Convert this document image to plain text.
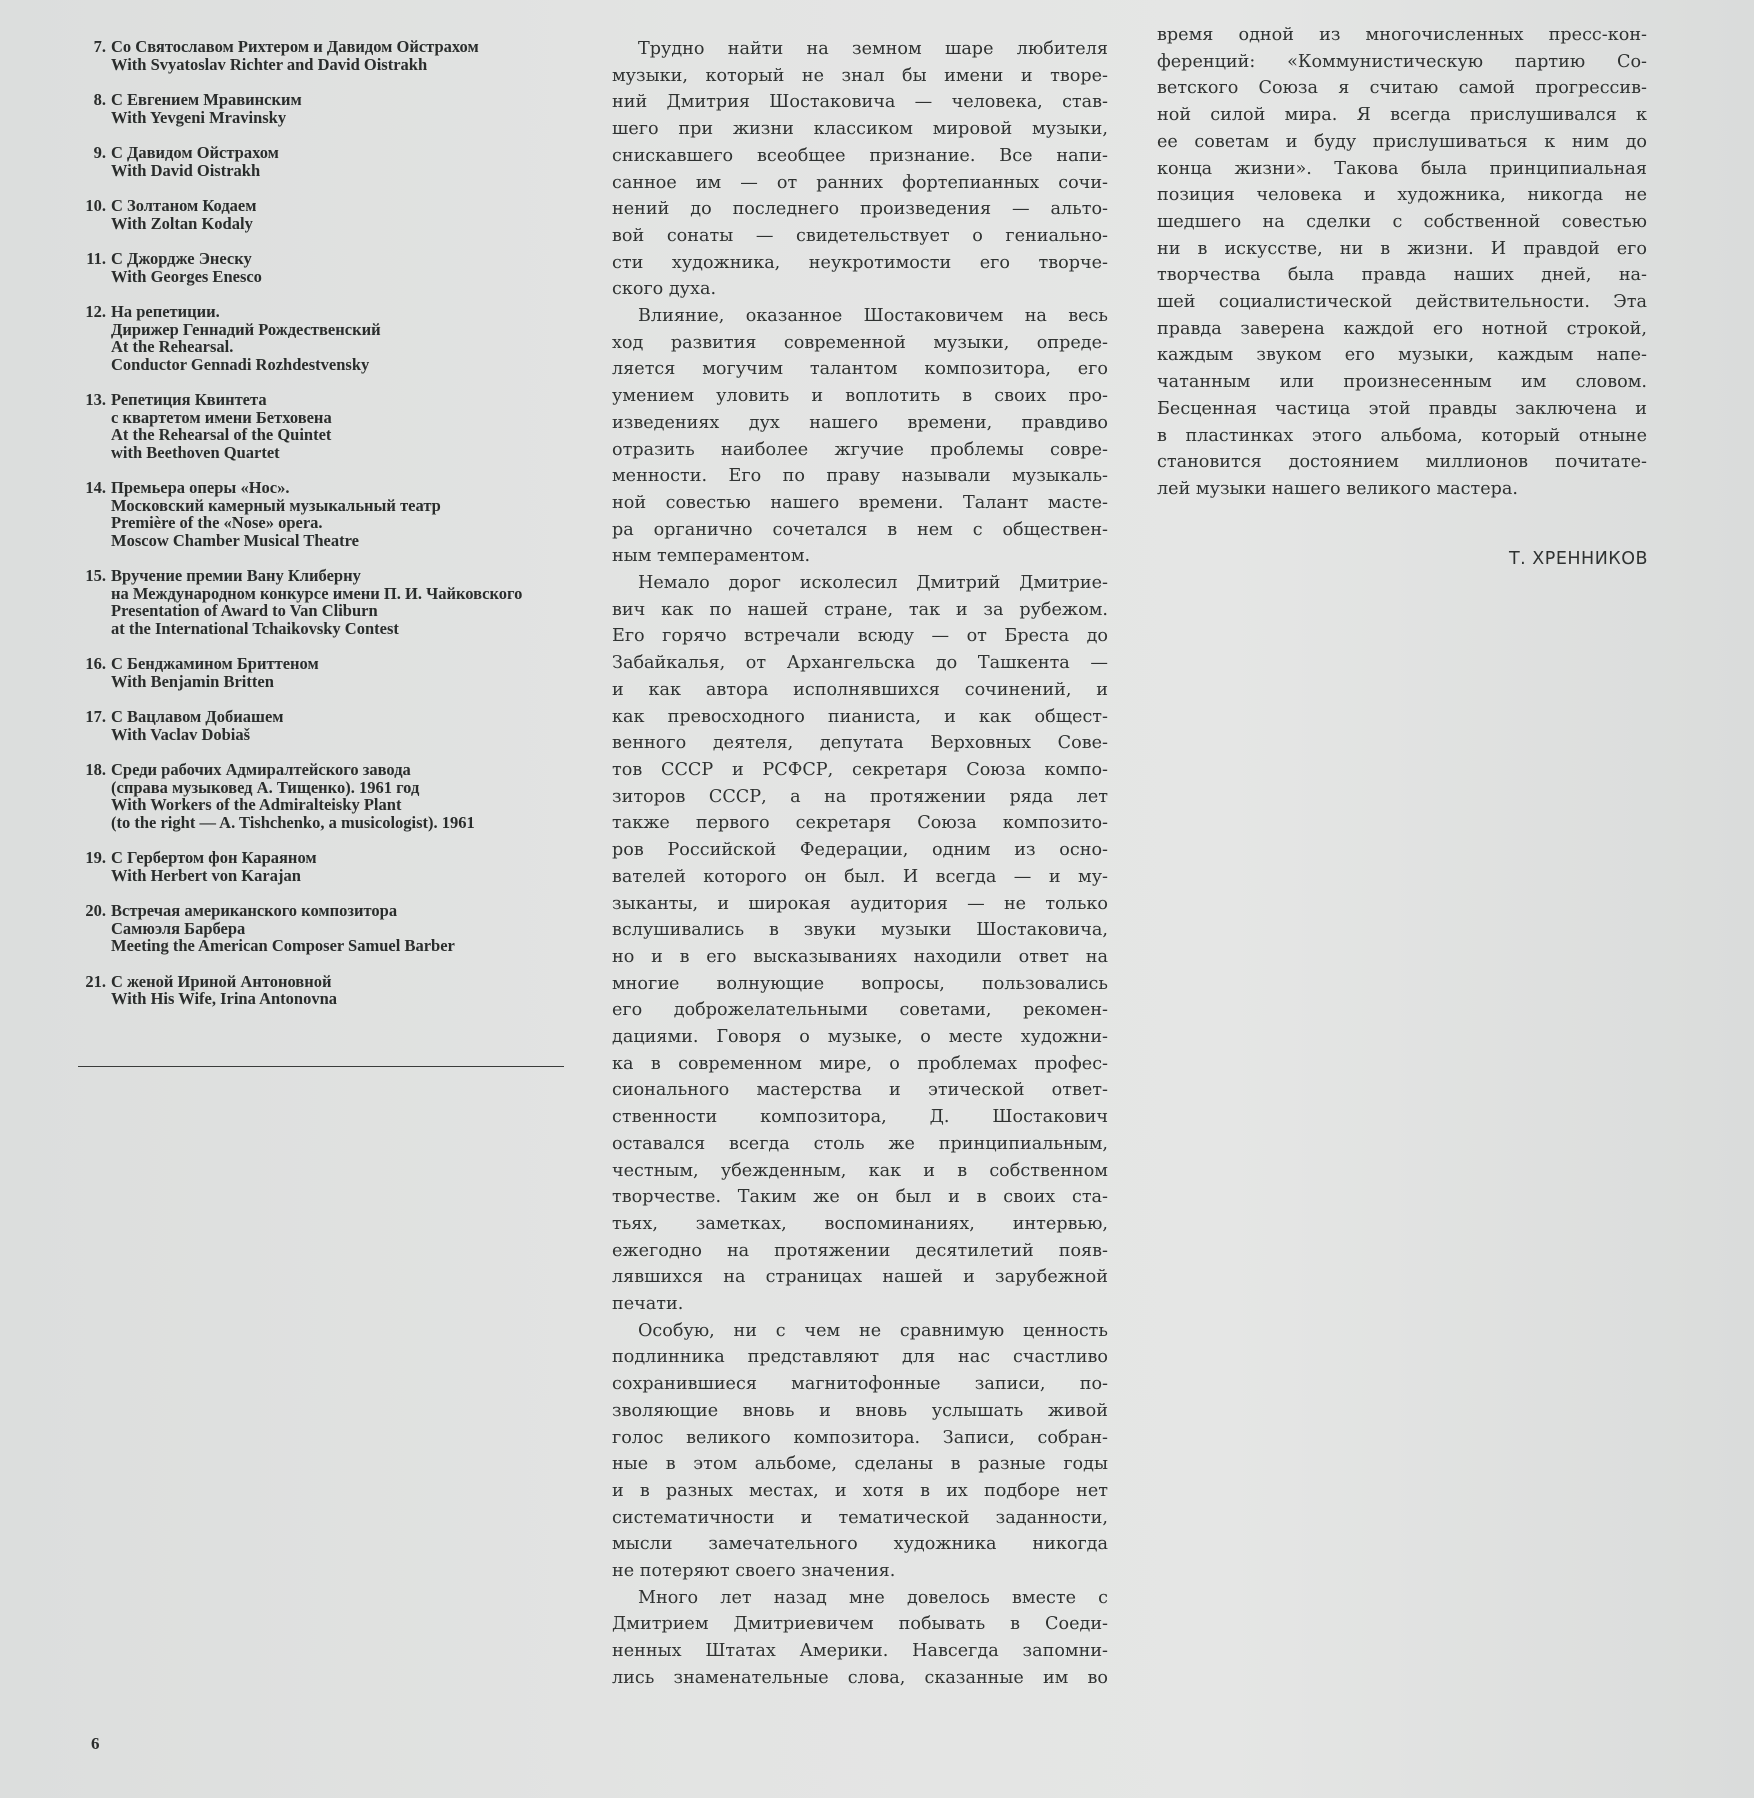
7. Со Святославом Рихтером и Давидом Ойстрахом
With Svyatoslav Richter and David Oistrakh
8. С Евгением Мравинским
With Yevgeni Mravinsky
9. С Давидом Ойстрахом
With David Oistrakh
10. С Золтаном Кодаем
With Zoltan Kodaly
11. С Джордже Энеску
With Georges Enesco
12. На репетиции.
Дирижер Геннадий Рождественский
At the Rehearsal.
Conductor Gennadi Rozhdestvensky
13. Репетиция Квинтета
с квартетом имени Бетховена
At the Rehearsal of the Quintet
with Beethoven Quartet
14. Премьера оперы «Нос».
Московский камерный музыкальный театр
Première of the «Nose» opera.
Moscow Chamber Musical Theatre
15. Вручение премии Вану Клиберну
на Международном конкурсе имени П. И. Чайковского
Presentation of Award to Van Cliburn
at the International Tchaikovsky Contest
16. С Бенджамином Бриттеном
With Benjamin Britten
17. С Вацлавом Добиашем
With Vaclav Dobiaš
18. Среди рабочих Адмиралтейского завода
(справа музыковед А. Тищенко). 1961 год
With Workers of the Admiralteisky Plant
(to the right — A. Tishchenko, a musicologist). 1961
19. С Гербертом фон Караяном
With Herbert von Karajan
20. Встречая американского композитора
Самюэля Барбера
Meeting the American Composer Samuel Barber
21. С женой Ириной Антоновной
With His Wife, Irina Antonovna
6
Трудно найти на земном шаре любителя
музыки, который не знал бы имени и твоpe-
ний Дмитрия Шостаковича — человека, став-
шего при жизни классиком мировой музыки,
снискавшего всеобщее признание. Все напи-
санное им — от ранних фортепианных сочи-
нений до последнего произведения — альто-
вой сонаты — свидетельствует о гениально-
сти художника, неукротимости его творче-
ского духа.
Влияние, оказанное Шостаковичем на весь
ход развития современной музыки, опреде-
ляется могучим талантом композитора, его
умением уловить и воплотить в своих про-
изведениях дух нашего времени, правдиво
отразить наиболее жгучие проблемы совре-
менности. Его по праву называли музыкаль-
ной совестью нашего времени. Талант масте-
ра органично сочетался в нем с обществен-
ным темпераментом.
Немало дорог исколесил Дмитрий Дмитрие-
вич как по нашей стране, так и за рубежом.
Его горячо встречали всюду — от Бреста до
Забайкалья, от Архангельска до Ташкента —
и как автора исполнявшихся сочинений, и
как превосходного пианиста, и как общест-
венного деятеля, депутата Верховных Сове-
тов СССР и РСФСР, секретаря Союза компо-
зиторов СССР, а на протяжении ряда лет
также первого секретаря Союза композито-
ров Российской Федерации, одним из осно-
вателей которого он был. И всегда — и му-
зыканты, и широкая аудитория — не только
вслушивались в звуки музыки Шостаковича,
но и в его высказываниях находили ответ на
многие волнующие вопросы, пользовались
его доброжелательными советами, рекомен-
дациями. Говоря о музыке, о месте художни-
ка в современном мире, о проблемах профес-
сионального мастерства и этической ответ-
ственности композитора, Д. Шостакович
оставался всегда столь же принципиальным,
честным, убежденным, как и в собственном
творчестве. Таким же он был и в своих ста-
тьях, заметках, воспоминаниях, интервью,
ежегодно на протяжении десятилетий появ-
лявшихся на страницах нашей и зарубежной
печати.
Особую, ни с чем не сравнимую ценность
подлинника представляют для нас счастливо
сохранившиеся магнитофонные записи, по-
зволяющие вновь и вновь услышать живой
голос великого композитора. Записи, собран-
ные в этом альбоме, сделаны в разные годы
и в разных местах, и хотя в их подборе нет
систематичности и тематической заданности,
мысли замечательного художника никогда
не потеряют своего значения.
Много лет назад мне довелось вместе с
Дмитрием Дмитриевичем побывать в Соеди-
ненных Штатах Америки. Навсегда запомни-
лись знаменательные слова, сказанные им во
время одной из многочисленных пресс-кон-
ференций: «Коммунистическую партию Со-
ветского Союза я считаю самой прогрессив-
ной силой мира. Я всегда прислушивался к
ее советам и буду прислушиваться к ним до
конца жизни». Такова была принципиальная
позиция человека и художника, никогда не
шедшего на сделки с собственной совестью
ни в искусстве, ни в жизни. И правдой его
творчества была правда наших дней, на-
шей социалистической действительности. Эта
правда заверена каждой его нотной строкой,
каждым звуком его музыки, каждым напе-
чатанным или произнесенным им словом.
Бесценная частица этой правды заключена и
в пластинках этого альбома, который отныне
становится достоянием миллионов почитате-
лей музыки нашего великого мастера.
Т. ХРЕННИКОВ
